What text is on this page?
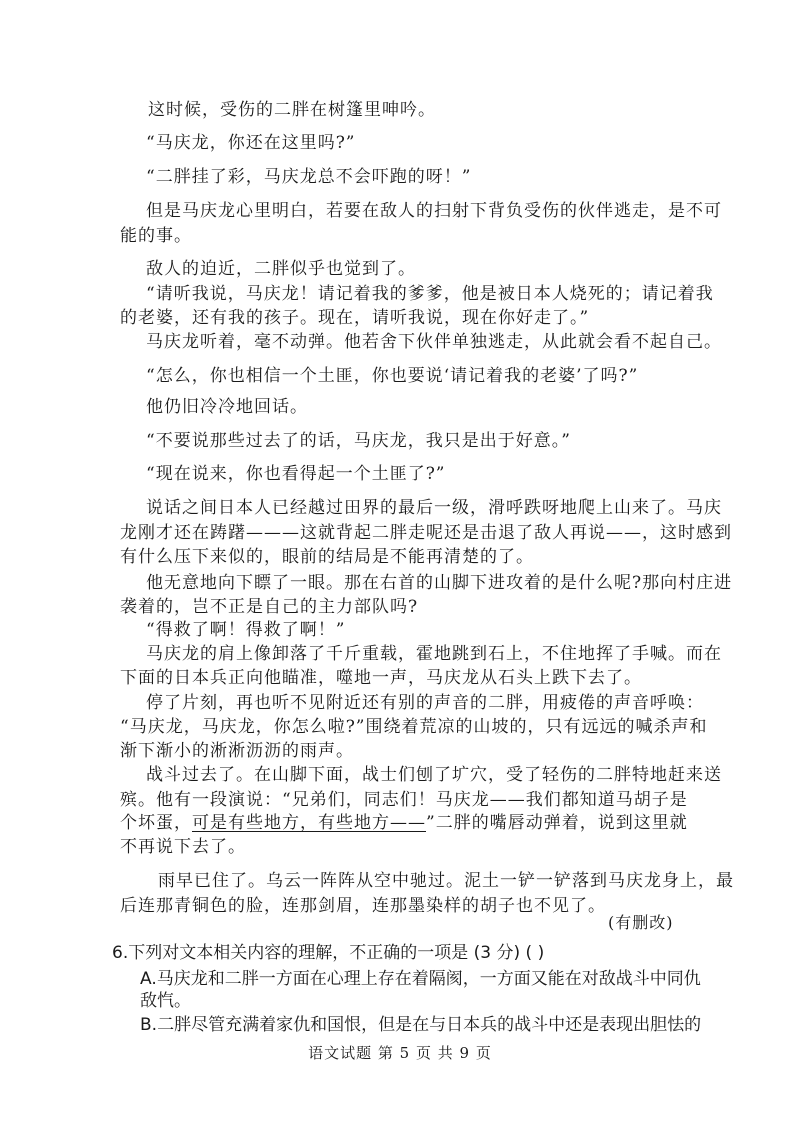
这时候，受伤的二胖在树篷里呻吟。
“马庆龙，你还在这里吗?”
“二胖挂了彩，马庆龙总不会吓跑的呀！”
但是马庆龙心里明白，若要在敌人的扫射下背负受伤的伙伴逃走，是不可
能的事。
敌人的迫近，二胖似乎也觉到了。
“请听我说，马庆龙！请记着我的爹爹，他是被日本人烧死的；请记着我
的老婆，还有我的孩子。现在，请听我说，现在你好走了。”
马庆龙听着，毫不动弹。他若舍下伙伴单独逃走，从此就会看不起自己。
“怎么，你也相信一个土匪，你也要说‘请记着我的老婆’了吗?”
他仍旧冷冷地回话。
“不要说那些过去了的话，马庆龙，我只是出于好意。”
“现在说来，你也看得起一个土匪了?”
说话之间日本人已经越过田界的最后一级，滑呼跌呀地爬上山来了。马庆
龙刚才还在踌躇———这就背起二胖走呢还是击退了敌人再说——，这时感到
有什么压下来似的，眼前的结局是不能再清楚的了。
他无意地向下瞟了一眼。那在右首的山脚下进攻着的是什么呢?那向村庄进
袭着的，岂不正是自己的主力部队吗?
“得救了啊！得救了啊！”
马庆龙的肩上像卸落了千斤重载，霍地跳到石上，不住地挥了手喊。而在
下面的日本兵正向他瞄准，噬地一声，马庆龙从石头上跌下去了。
停了片刻，再也听不见附近还有别的声音的二胖，用疲倦的声音呼唤：
“马庆龙，马庆龙，你怎么啦?”围绕着荒凉的山坡的，只有远远的喊杀声和
渐下渐小的淅淅沥沥的雨声。
战斗过去了。在山脚下面，战士们刨了圹穴，受了轻伤的二胖特地赶来送
殡。他有一段演说：“兄弟们，同志们！马庆龙——我们都知道马胡子是
个坏蛋，可是有些地方，有些地方——”二胖的嘴唇动弹着，说到这里就
不再说下去了。
雨早已住了。乌云一阵阵从空中驰过。泥土一铲一铲落到马庆龙身上，最
后连那青铜色的脸，连那剑眉，连那墨染样的胡子也不见了。
(有删改)
6.下列对文本相关内容的理解，不正确的一项是 (3 分) ( )
A.马庆龙和二胖一方面在心理上存在着隔阂，一方面又能在对敌战斗中同仇
敌忾。
B.二胖尽管充满着家仇和国恨，但是在与日本兵的战斗中还是表现出胆怯的
语文试题 第 5 页 共 9 页
